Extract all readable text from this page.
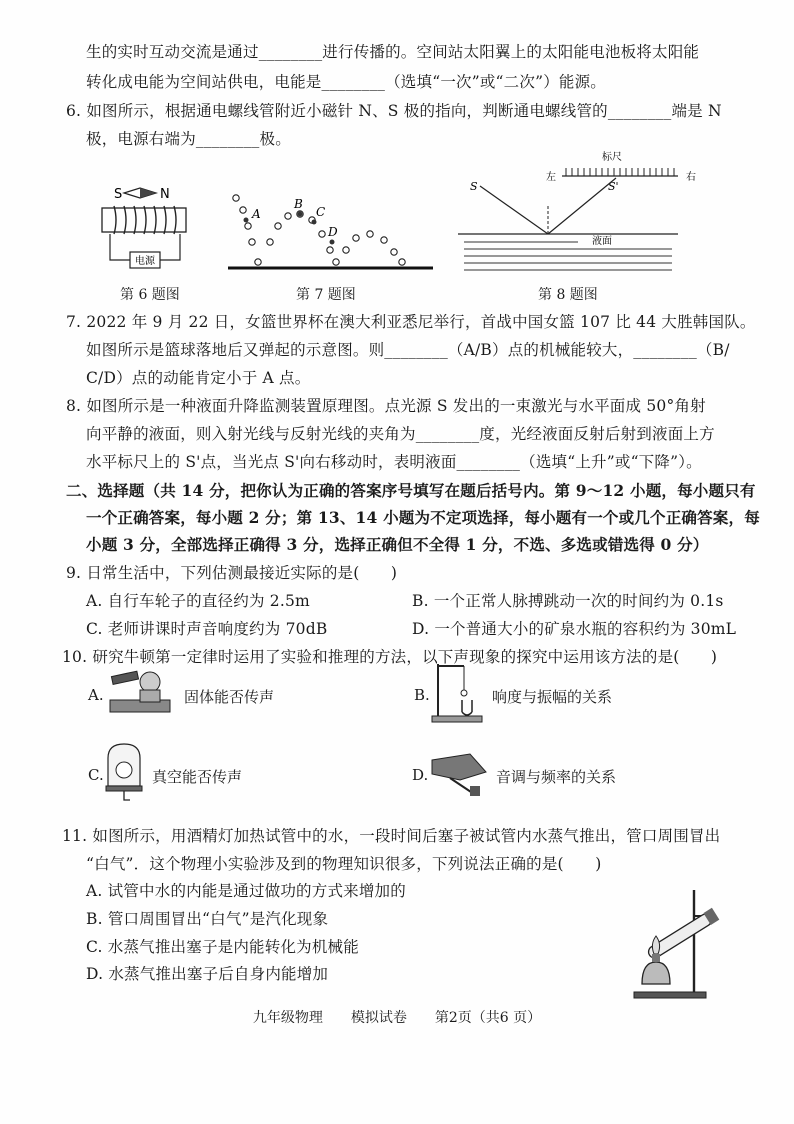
生的实时互动交流是通过________进行传播的。空间站太阳翼上的太阳能电池板将太阳能
转化成电能为空间站供电，电能是________（选填“一次”或“二次”）能源。
6. 如图所示，根据通电螺线管附近小磁针 N、S 极的指向，判断通电螺线管的________端是 N
极，电源右端为________极。
S	N
电源
A
B
C
D
标尺
左	右
S	S'
液面
第 6 题图	第 7 题图	第 8 题图
7. 2022 年 9 月 22 日，女篮世界杯在澳大利亚悉尼举行，首战中国女篮 107 比 44 大胜韩国队。
如图所示是篮球落地后又弹起的示意图。则________（A/B）点的机械能较大，________（B/
C/D）点的动能肯定小于 A 点。
8. 如图所示是一种液面升降监测装置原理图。点光源 S 发出的一束激光与水平面成 50°角射
向平静的液面，则入射光线与反射光线的夹角为________度，光经液面反射后射到液面上方
水平标尺上的 S'点，当光点 S'向右移动时，表明液面________（选填“上升”或“下降”）。
二、选择题（共 14 分，把你认为正确的答案序号填写在题后括号内。第 9～12 小题，每小题只有
一个正确答案，每小题 2 分；第 13、14 小题为不定项选择，每小题有一个或几个正确答案，每
小题 3 分，全部选择正确得 3 分，选择正确但不全得 1 分，不选、多选或错选得 0 分）
9. 日常生活中，下列估测最接近实际的是(　　)
A. 自行车轮子的直径约为 2.5m	B. 一个正常人脉搏跳动一次的时间约为 0.1s
C. 老师讲课时声音响度约为 70dB	D. 一个普通大小的矿泉水瓶的容积约为 30mL
10. 研究牛顿第一定律时运用了实验和推理的方法，以下声现象的探究中运用该方法的是(　　)
A.	固体能否传声	B.	响度与振幅的关系
C.	真空能否传声	D.	音调与频率的关系
11. 如图所示，用酒精灯加热试管中的水，一段时间后塞子被试管内水蒸气推出，管口周围冒出
“白气”．这个物理小实验涉及到的物理知识很多，下列说法正确的是(　　)
A. 试管中水的内能是通过做功的方式来增加的
B. 管口周围冒出“白气”是汽化现象
C. 水蒸气推出塞子是内能转化为机械能
D. 水蒸气推出塞子后自身内能增加
九年级物理　　模拟试卷　　第2页（共6 页）
